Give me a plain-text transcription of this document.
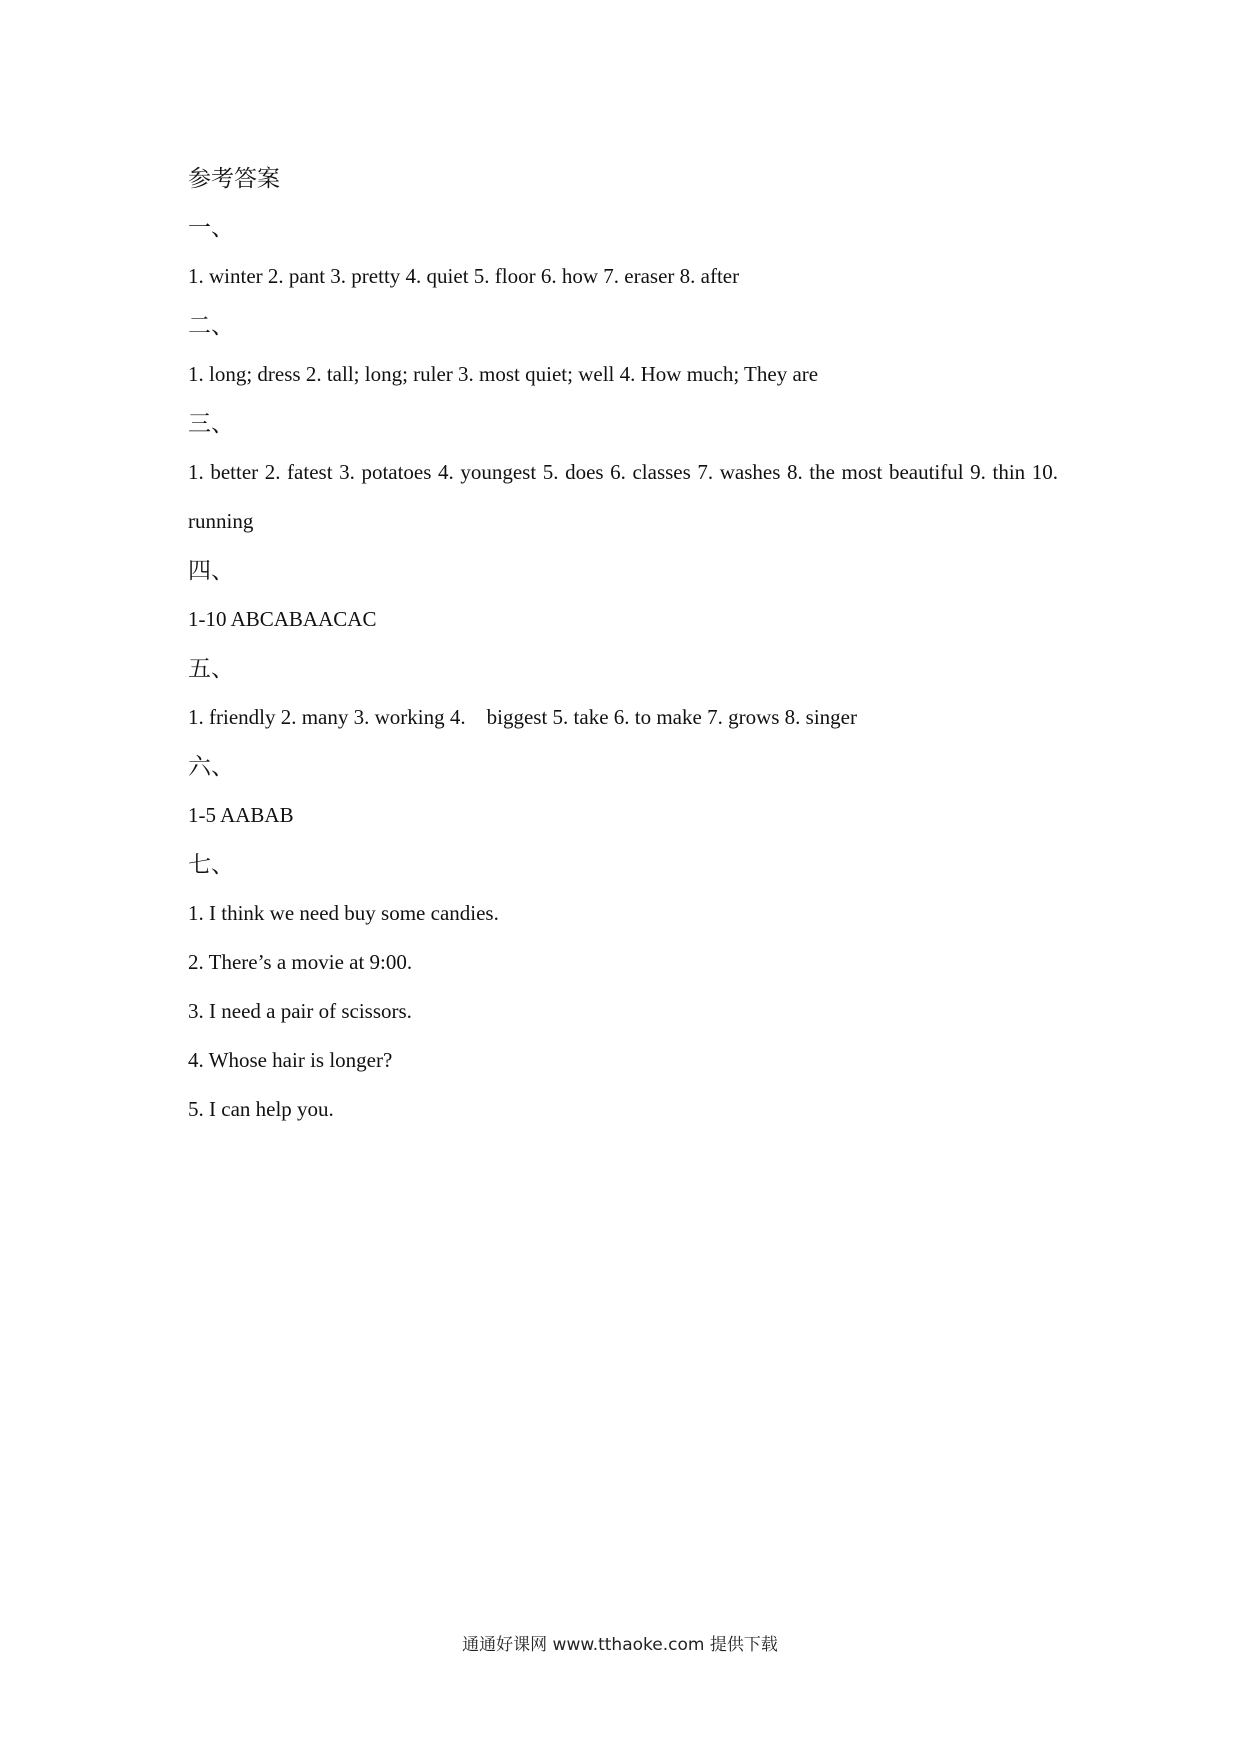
参考答案

一、

1. winter 2. pant 3. pretty 4. quiet 5. floor 6. how 7. eraser 8. after

二、

1. long; dress 2. tall; long; ruler 3. most quiet; well 4. How much; They are

三、

1. better 2. fatest 3. potatoes 4. youngest 5. does 6. classes 7. washes 8. the most beautiful 9. thin 10. running

四、

1-10 ABCABAACAC

五、

1. friendly 2. many 3. working 4.    biggest 5. take 6. to make 7. grows 8. singer

六、

1-5 AABAB

七、

1. I think we need buy some candies.

2. There’s a movie at 9:00.

3. I need a pair of scissors.

4. Whose hair is longer?

5. I can help you.

通通好课网 www.tthaoke.com 提供下载
